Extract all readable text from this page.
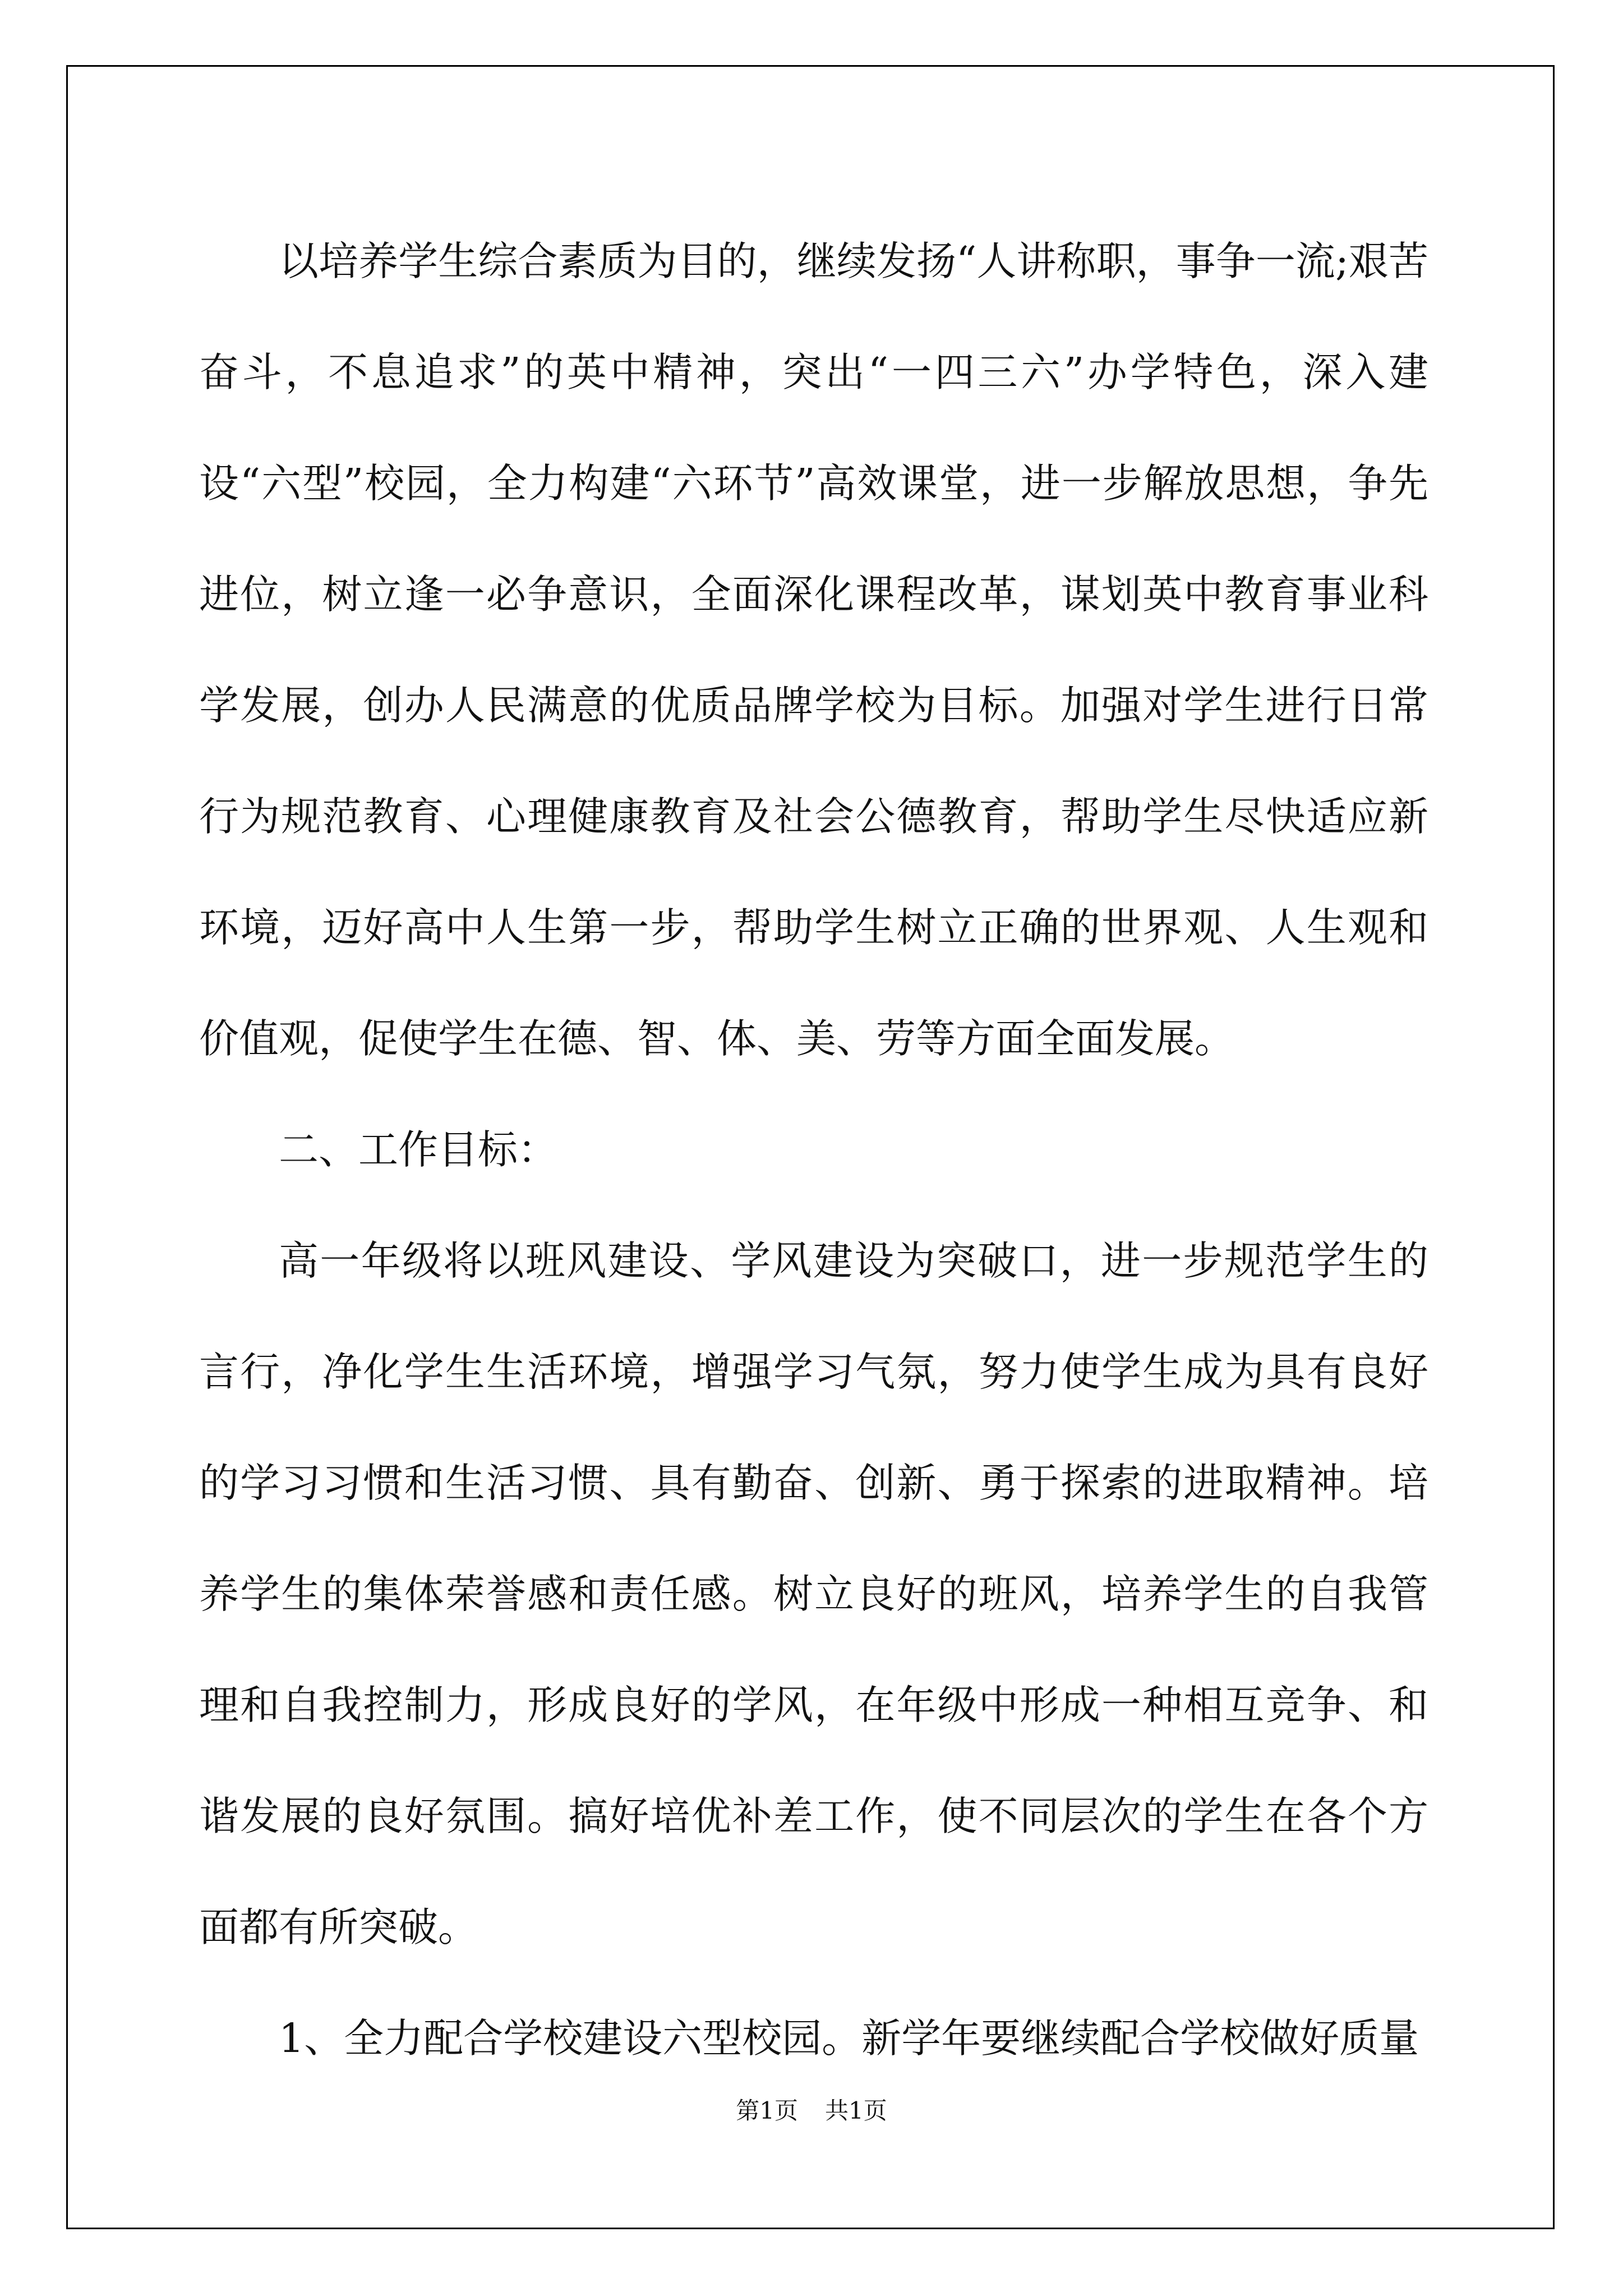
以培养学生综合素质为目的，继续发扬“人讲称职，事争一流;艰苦奋斗，不息追求”的英中精神，突出“一四三六”办学特色，深入建设“六型”校园，全力构建“六环节”高效课堂，进一步解放思想，争先进位，树立逢一必争意识，全面深化课程改革，谋划英中教育事业科学发展，创办人民满意的优质品牌学校为目标。加强对学生进行日常行为规范教育、心理健康教育及社会公德教育，帮助学生尽快适应新环境，迈好高中人生第一步，帮助学生树立正确的世界观、人生观和价值观，促使学生在德、智、体、美、劳等方面全面发展。

二、工作目标：

高一年级将以班风建设、学风建设为突破口，进一步规范学生的言行，净化学生生活环境，增强学习气氛，努力使学生成为具有良好的学习习惯和生活习惯、具有勤奋、创新、勇于探索的进取精神。培养学生的集体荣誉感和责任感。树立良好的班风，培养学生的自我管理和自我控制力，形成良好的学风，在年级中形成一种相互竞争、和谐发展的良好氛围。搞好培优补差工作，使不同层次的学生在各个方面都有所突破。

1、全力配合学校建设六型校园。新学年要继续配合学校做好质量

第1页 共1页
